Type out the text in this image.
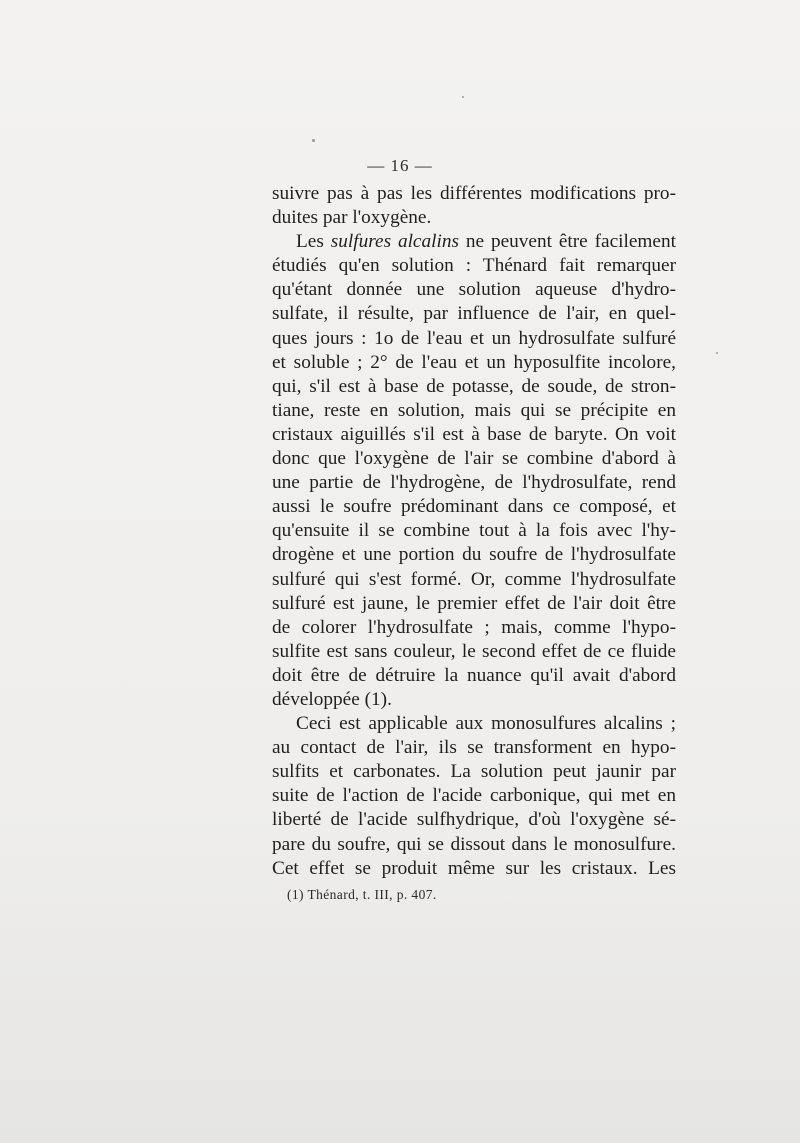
— 16 —
suivre pas à pas les différentes modifications pro-
duites par l'oxygène.
Les sulfures alcalins ne peuvent être facilement
étudiés qu'en solution : Thénard fait remarquer
qu'étant donnée une solution aqueuse d'hydro-
sulfate, il résulte, par influence de l'air, en quel-
ques jours : 1o de l'eau et un hydrosulfate sulfuré
et soluble ; 2° de l'eau et un hyposulfite incolore,
qui, s'il est à base de potasse, de soude, de stron-
tiane, reste en solution, mais qui se précipite en
cristaux aiguillés s'il est à base de baryte. On voit
donc que l'oxygène de l'air se combine d'abord à
une partie de l'hydrogène, de l'hydrosulfate, rend
aussi le soufre prédominant dans ce composé, et
qu'ensuite il se combine tout à la fois avec l'hy-
drogène et une portion du soufre de l'hydrosulfate
sulfuré qui s'est formé. Or, comme l'hydrosulfate
sulfuré est jaune, le premier effet de l'air doit être
de colorer l'hydrosulfate ; mais, comme l'hypo-
sulfite est sans couleur, le second effet de ce fluide
doit être de détruire la nuance qu'il avait d'abord
développée (1).
Ceci est applicable aux monosulfures alcalins ;
au contact de l'air, ils se transforment en hypo-
sulfits et carbonates. La solution peut jaunir par
suite de l'action de l'acide carbonique, qui met en
liberté de l'acide sulfhydrique, d'où l'oxygène sé-
pare du soufre, qui se dissout dans le monosulfure.
Cet effet se produit même sur les cristaux. Les
(1) Thénard, t. III, p. 407.
